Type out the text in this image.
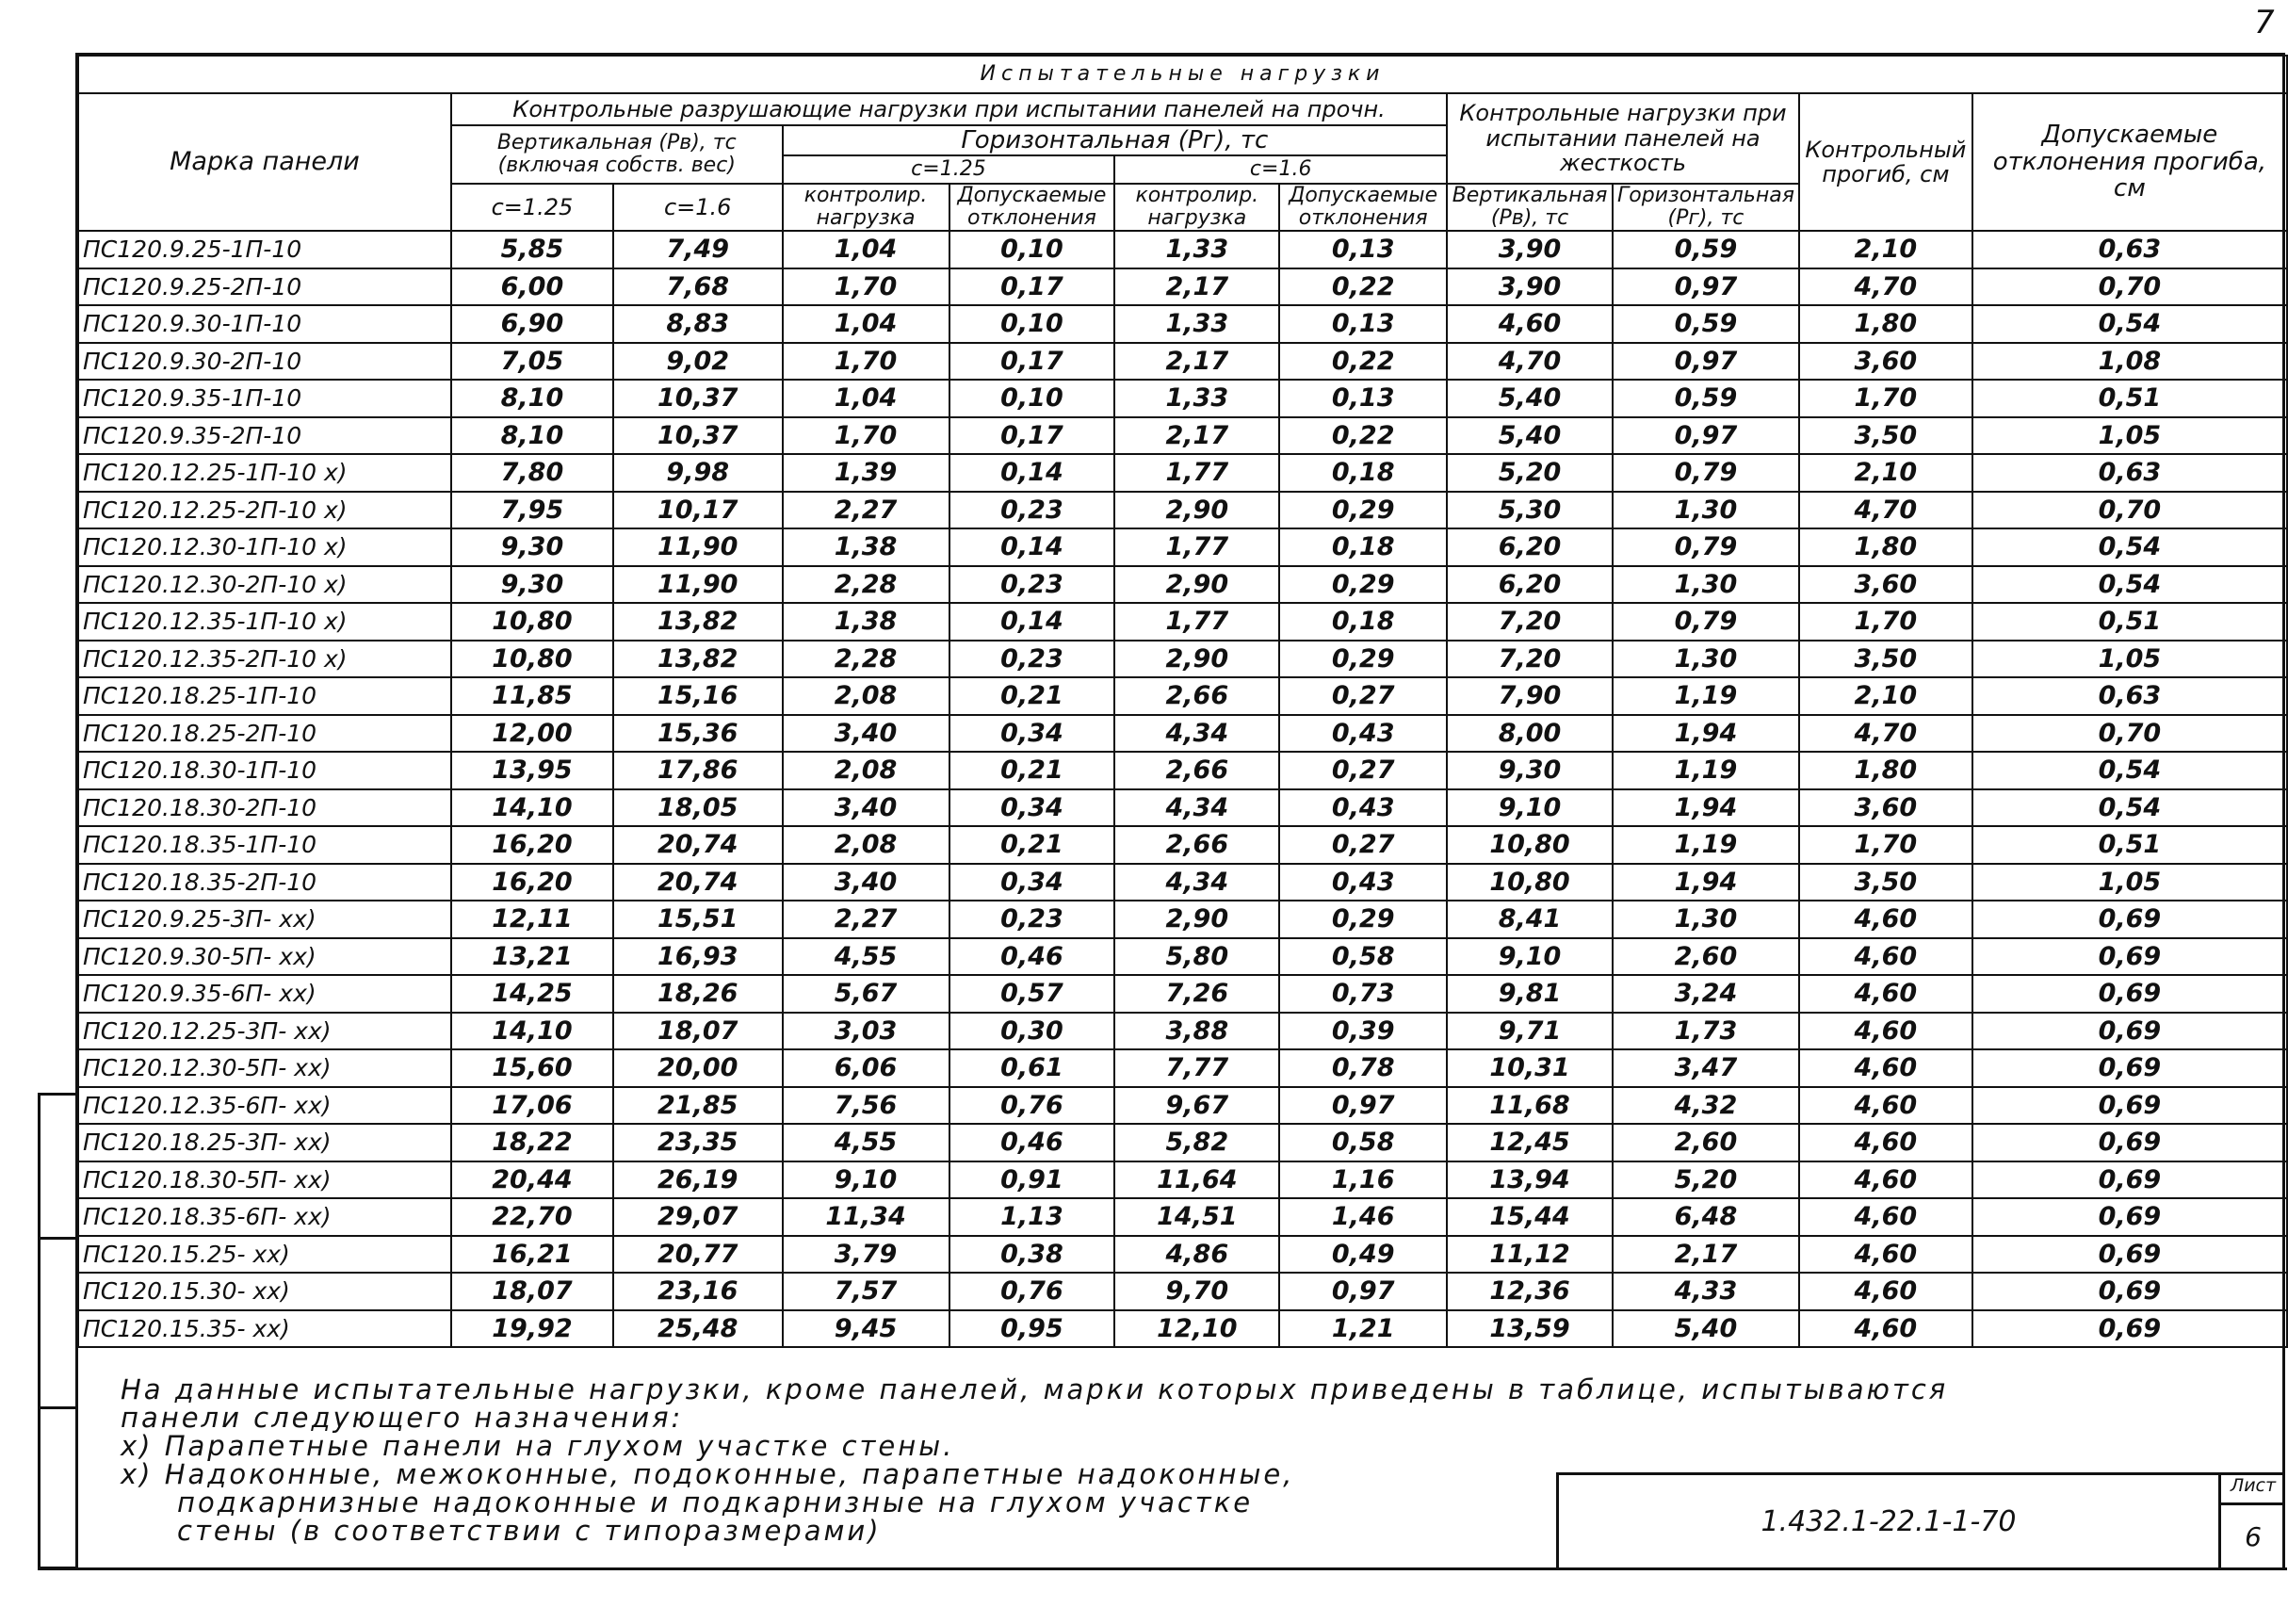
7
Испытательные нагрузки										
Марка панели	Контрольные разрушающие нагрузки при испытании панелей на прочн.						Контрольные нагрузки при испытании панелей на жесткость		Контрольный прогиб, см	Допускаемые отклонения прогиба, см
	Вертикальная (Рв), тс (включая собств. вес)		Горизонтальная (Рг), тс							
			с=1.25		с=1.6					
	с=1.25	с=1.6	контролир. нагрузка	Допускаемые отклонения	контролир. нагрузка	Допускаемые отклонения	Вертикальная (Рв), тс	Горизонтальная (Рг), тс		
ПС120.9.25-1П-10	5,85	7,49	1,04	0,10	1,33	0,13	3,90	0,59	2,10	0,63
ПС120.9.25-2П-10	6,00	7,68	1,70	0,17	2,17	0,22	3,90	0,97	4,70	0,70
ПС120.9.30-1П-10	6,90	8,83	1,04	0,10	1,33	0,13	4,60	0,59	1,80	0,54
ПС120.9.30-2П-10	7,05	9,02	1,70	0,17	2,17	0,22	4,70	0,97	3,60	1,08
ПС120.9.35-1П-10	8,10	10,37	1,04	0,10	1,33	0,13	5,40	0,59	1,70	0,51
ПС120.9.35-2П-10	8,10	10,37	1,70	0,17	2,17	0,22	5,40	0,97	3,50	1,05
ПС120.12.25-1П-10 x)	7,80	9,98	1,39	0,14	1,77	0,18	5,20	0,79	2,10	0,63
ПС120.12.25-2П-10 x)	7,95	10,17	2,27	0,23	2,90	0,29	5,30	1,30	4,70	0,70
ПС120.12.30-1П-10 x)	9,30	11,90	1,38	0,14	1,77	0,18	6,20	0,79	1,80	0,54
ПС120.12.30-2П-10 x)	9,30	11,90	2,28	0,23	2,90	0,29	6,20	1,30	3,60	0,54
ПС120.12.35-1П-10 x)	10,80	13,82	1,38	0,14	1,77	0,18	7,20	0,79	1,70	0,51
ПС120.12.35-2П-10 x)	10,80	13,82	2,28	0,23	2,90	0,29	7,20	1,30	3,50	1,05
ПС120.18.25-1П-10	11,85	15,16	2,08	0,21	2,66	0,27	7,90	1,19	2,10	0,63
ПС120.18.25-2П-10	12,00	15,36	3,40	0,34	4,34	0,43	8,00	1,94	4,70	0,70
ПС120.18.30-1П-10	13,95	17,86	2,08	0,21	2,66	0,27	9,30	1,19	1,80	0,54
ПС120.18.30-2П-10	14,10	18,05	3,40	0,34	4,34	0,43	9,10	1,94	3,60	0,54
ПС120.18.35-1П-10	16,20	20,74	2,08	0,21	2,66	0,27	10,80	1,19	1,70	0,51
ПС120.18.35-2П-10	16,20	20,74	3,40	0,34	4,34	0,43	10,80	1,94	3,50	1,05
ПС120.9.25-3П- xx)	12,11	15,51	2,27	0,23	2,90	0,29	8,41	1,30	4,60	0,69
ПС120.9.30-5П- xx)	13,21	16,93	4,55	0,46	5,80	0,58	9,10	2,60	4,60	0,69
ПС120.9.35-6П- xx)	14,25	18,26	5,67	0,57	7,26	0,73	9,81	3,24	4,60	0,69
ПС120.12.25-3П- xx)	14,10	18,07	3,03	0,30	3,88	0,39	9,71	1,73	4,60	0,69
ПС120.12.30-5П- xx)	15,60	20,00	6,06	0,61	7,77	0,78	10,31	3,47	4,60	0,69
ПС120.12.35-6П- xx)	17,06	21,85	7,56	0,76	9,67	0,97	11,68	4,32	4,60	0,69
ПС120.18.25-3П- xx)	18,22	23,35	4,55	0,46	5,82	0,58	12,45	2,60	4,60	0,69
ПС120.18.30-5П- xx)	20,44	26,19	9,10	0,91	11,64	1,16	13,94	5,20	4,60	0,69
ПС120.18.35-6П- xx)	22,70	29,07	11,34	1,13	14,51	1,46	15,44	6,48	4,60	0,69
ПС120.15.25- xx)	16,21	20,77	3,79	0,38	4,86	0,49	11,12	2,17	4,60	0,69
ПС120.15.30- xx)	18,07	23,16	7,57	0,76	9,70	0,97	12,36	4,33	4,60	0,69
ПС120.15.35- xx)	19,92	25,48	9,45	0,95	12,10	1,21	13,59	5,40	4,60	0,69
На данные испытательные нагрузки, кроме панелей, марки которых приведены в таблице, испытываются
панели следующего назначения:
x) Парапетные панели на глухом участке стены.
x) Надоконные, межоконные, подоконные, парапетные надоконные,
подкарнизные надоконные и подкарнизные на глухом участке
стены (в соответствии с типоразмерами)	1.432.1-22.1-1-70
Лист
6
